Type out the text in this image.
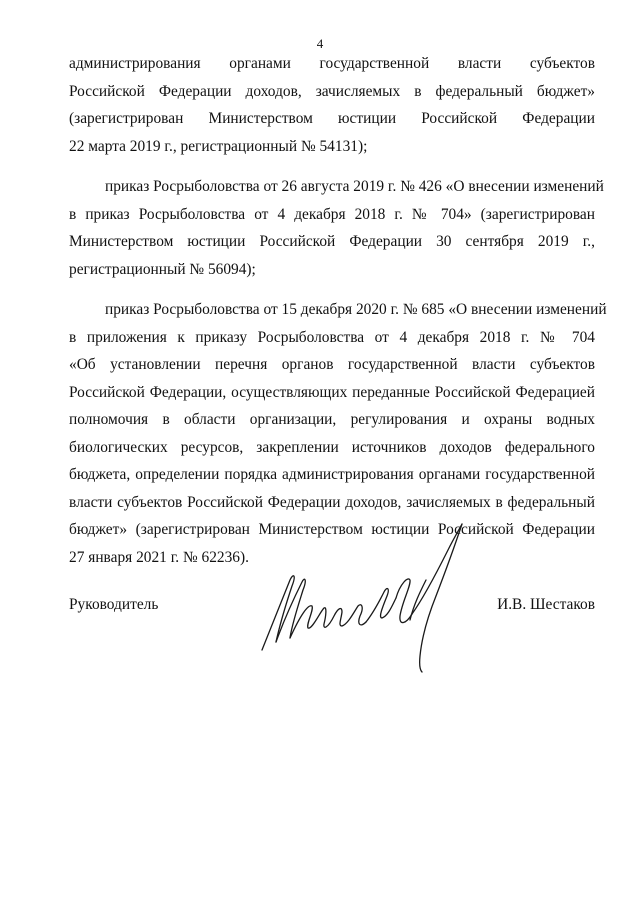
4

администрирования органами государственной власти субъектов
Российской Федерации доходов, зачисляемых в федеральный бюджет»
(зарегистрирован Министерством юстиции Российской Федерации
22 марта 2019 г., регистрационный № 54131);

приказ Росрыболовства от 26 августа 2019 г. № 426 «О внесении изменений
в приказ Росрыболовства от 4 декабря 2018 г. № 704» (зарегистрирован
Министерством юстиции Российской Федерации 30 сентября 2019 г.,
регистрационный № 56094);

приказ Росрыболовства от 15 декабря 2020 г. № 685 «О внесении изменений
в приложения к приказу Росрыболовства от 4 декабря 2018 г. № 704
«Об установлении перечня органов государственной власти субъектов
Российской Федерации, осуществляющих переданные Российской Федерацией
полномочия в области организации, регулирования и охраны водных
биологических ресурсов, закреплении источников доходов федерального
бюджета, определении порядка администрирования органами государственной
власти субъектов Российской Федерации доходов, зачисляемых в федеральный
бюджет» (зарегистрирован Министерством юстиции Российской Федерации
27 января 2021 г. № 62236).

Руководитель	И.В. Шестаков
